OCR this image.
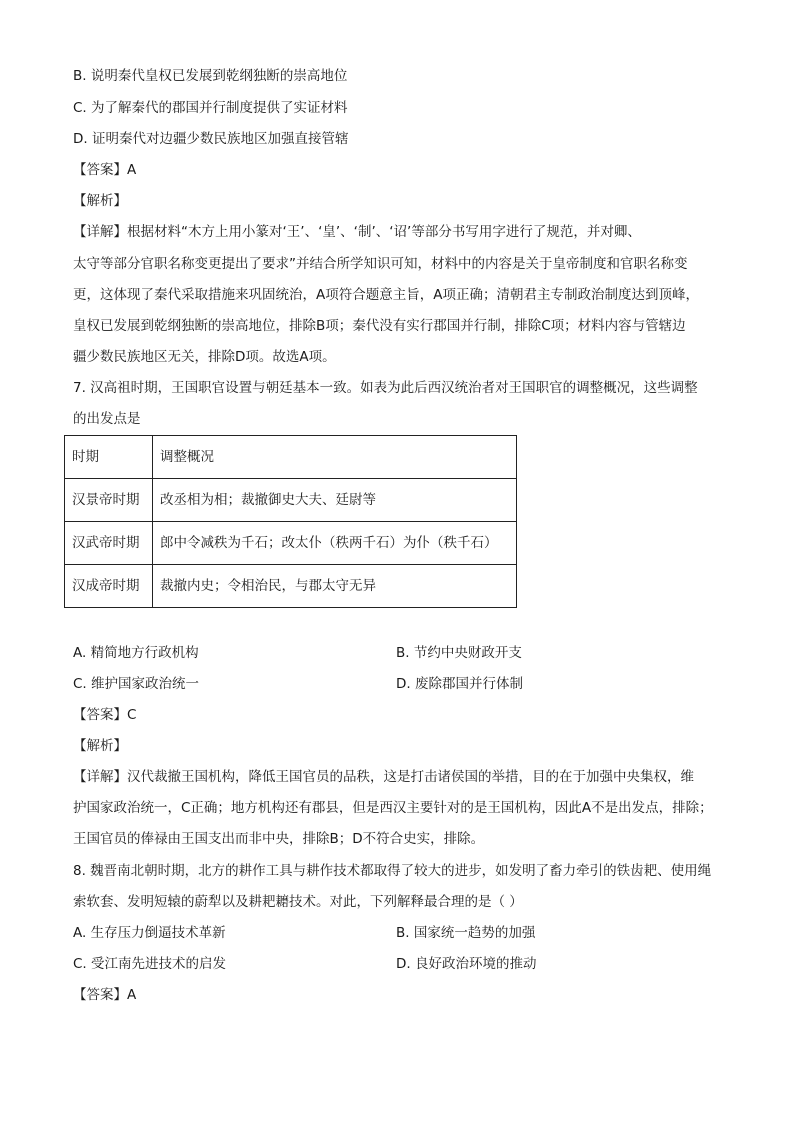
B. 说明秦代皇权已发展到乾纲独断的崇高地位
C. 为了解秦代的郡国并行制度提供了实证材料
D. 证明秦代对边疆少数民族地区加强直接管辖
【答案】A
【解析】
【详解】根据材料“木方上用小篆对‘王’、‘皇’、‘制’、‘诏’等部分书写用字进行了规范，并对卿、
太守等部分官职名称变更提出了要求”并结合所学知识可知，材料中的内容是关于皇帝制度和官职名称变
更，这体现了秦代采取措施来巩固统治，A项符合题意主旨，A项正确；清朝君主专制政治制度达到顶峰，
皇权已发展到乾纲独断的崇高地位，排除B项；秦代没有实行郡国并行制，排除C项；材料内容与管辖边
疆少数民族地区无关，排除D项。故选A项。
7. 汉高祖时期，王国职官设置与朝廷基本一致。如表为此后西汉统治者对王国职官的调整概况，这些调整
的出发点是
时期	调整概况
汉景帝时期	改丞相为相；裁撤御史大夫、廷尉等
汉武帝时期	郎中令减秩为千石；改太仆（秩两千石）为仆（秩千石）
汉成帝时期	裁撤内史；令相治民，与郡太守无异
A. 精简地方行政机构	B. 节约中央财政开支
C. 维护国家政治统一	D. 废除郡国并行体制
【答案】C
【解析】
【详解】汉代裁撤王国机构，降低王国官员的品秩，这是打击诸侯国的举措，目的在于加强中央集权，维
护国家政治统一，C正确；地方机构还有郡县，但是西汉主要针对的是王国机构，因此A不是出发点，排除；
王国官员的俸禄由王国支出而非中央，排除B；D不符合史实，排除。
8. 魏晋南北朝时期，北方的耕作工具与耕作技术都取得了较大的进步，如发明了畜力牵引的铁齿耙、使用绳
索软套、发明短辕的蔚犁以及耕耙耱技术。对此，下列解释最合理的是（ ）
A. 生存压力倒逼技术革新	B. 国家统一趋势的加强
C. 受江南先进技术的启发	D. 良好政治环境的推动
【答案】A
